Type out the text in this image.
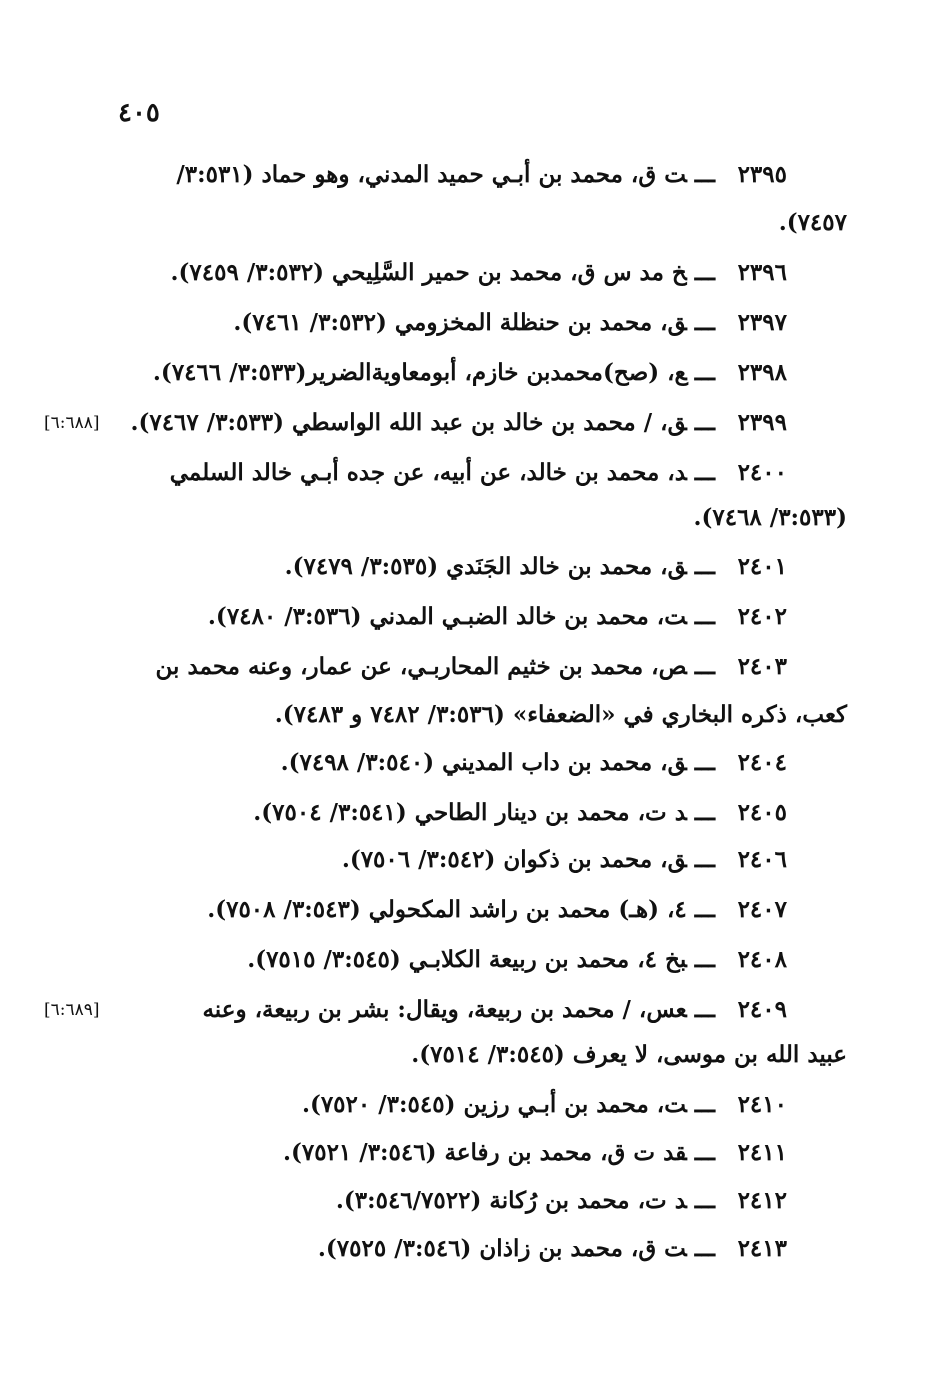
٤٠٥
٢٣٩٥ـــت ق، محمد بن أبـي حميد المدني، وهو حماد (٣:٥٣١/
٧٤٥٧).
٢٣٩٦ـــخ مد س ق، محمد بن حمير السَّلِيحي (٣:٥٣٢/ ٧٤٥٩).
٢٣٩٧ـــق، محمد بن حنظلة المخزومي (٣:٥٣٢/ ٧٤٦١).
٢٣٩٨ـــع، (صح)محمدبن خازم، أبومعاويةالضرير(٣:٥٣٣/ ٧٤٦٦).
٢٣٩٩ـــق، / محمد بن خالد بن عبد الله الواسطي (٣:٥٣٣/ ٧٤٦٧).
[٦:٦٨٨]
٢٤٠٠ـــد، محمد بن خالد، عن أبيه، عن جده أبـي خالد السلمي
(٣:٥٣٣/ ٧٤٦٨).
٢٤٠١ـــق، محمد بن خالد الجَنَدي (٣:٥٣٥/ ٧٤٧٩).
٢٤٠٢ـــت، محمد بن خالد الضبـي المدني (٣:٥٣٦/ ٧٤٨٠).
٢٤٠٣ـــص، محمد بن خثيم المحاربـي، عن عمار، وعنه محمد بن
كعب، ذكره البخاري في «الضعفاء» (٣:٥٣٦/ ٧٤٨٢ و ٧٤٨٣).
٢٤٠٤ـــق، محمد بن داب المديني (٣:٥٤٠/ ٧٤٩٨).
٢٤٠٥ـــد ت، محمد بن دينار الطاحي (٣:٥٤١/ ٧٥٠٤).
٢٤٠٦ـــق، محمد بن ذكوان (٣:٥٤٢/ ٧٥٠٦).
٢٤٠٧ـــ٤، (هـ) محمد بن راشد المكحولي (٣:٥٤٣/ ٧٥٠٨).
٢٤٠٨ـــبخ ٤، محمد بن ربيعة الكلابـي (٣:٥٤٥/ ٧٥١٥).
٢٤٠٩ـــعس، / محمد بن ربيعة، ويقال: بشر بن ربيعة، وعنه
[٦:٦٨٩]
عبيد الله بن موسى، لا يعرف (٣:٥٤٥/ ٧٥١٤).
٢٤١٠ـــت، محمد بن أبـي رزين (٣:٥٤٥/ ٧٥٢٠).
٢٤١١ـــقد ت ق، محمد بن رفاعة (٣:٥٤٦/ ٧٥٢١).
٢٤١٢ـــد ت، محمد بن رُكانة (٣:٥٤٦/٧٥٢٢).
٢٤١٣ـــت ق، محمد بن زاذان (٣:٥٤٦/ ٧٥٢٥).
